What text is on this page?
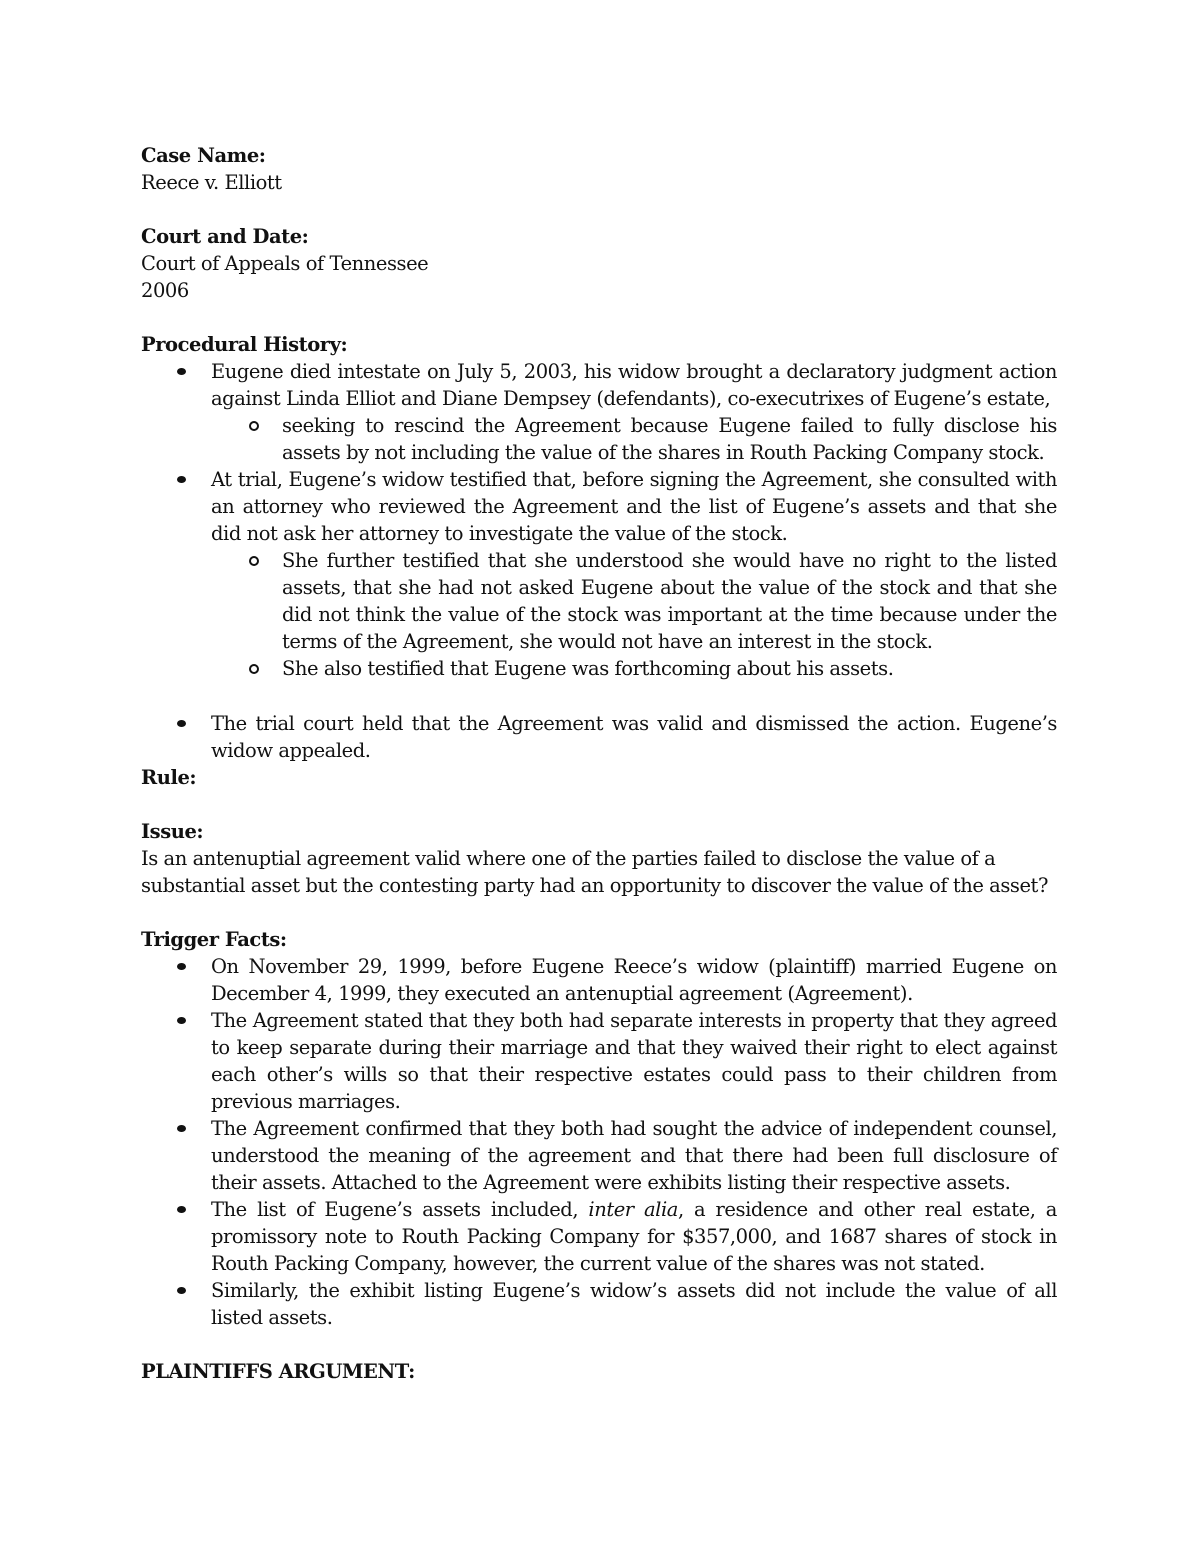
Case Name:

Reece v. Elliott

Court and Date:

Court of Appeals of Tennessee

2006

Procedural History:

Eugene died intestate on July 5, 2003, his widow brought a declaratory judgment action against Linda Elliot and Diane Dempsey (defendants), co-executrixes of Eugene’s estate,
seeking to rescind the Agreement because Eugene failed to fully disclose his assets by not including the value of the shares in Routh Packing Company stock.
At trial, Eugene’s widow testified that, before signing the Agreement, she consulted with an attorney who reviewed the Agreement and the list of Eugene’s assets and that she did not ask her attorney to investigate the value of the stock.
She further testified that she understood she would have no right to the listed assets, that she had not asked Eugene about the value of the stock and that she did not think the value of the stock was important at the time because under the terms of the Agreement, she would not have an interest in the stock.
She also testified that Eugene was forthcoming about his assets.
The trial court held that the Agreement was valid and dismissed the action. Eugene’s widow appealed.

Rule:

Issue:

Is an antenuptial agreement valid where one of the parties failed to disclose the value of a substantial asset but the contesting party had an opportunity to discover the value of the asset?

Trigger Facts:

On November 29, 1999, before Eugene Reece’s widow (plaintiff) married Eugene on December 4, 1999, they executed an antenuptial agreement (Agreement).
The Agreement stated that they both had separate interests in property that they agreed to keep separate during their marriage and that they waived their right to elect against each other’s wills so that their respective estates could pass to their children from previous marriages.
The Agreement confirmed that they both had sought the advice of independent counsel, understood the meaning of the agreement and that there had been full disclosure of their assets. Attached to the Agreement were exhibits listing their respective assets.
The list of Eugene’s assets included, inter alia, a residence and other real estate, a promissory note to Routh Packing Company for $357,000, and 1687 shares of stock in Routh Packing Company, however, the current value of the shares was not stated.
Similarly, the exhibit listing Eugene’s widow’s assets did not include the value of all listed assets.

PLAINTIFFS ARGUMENT:
